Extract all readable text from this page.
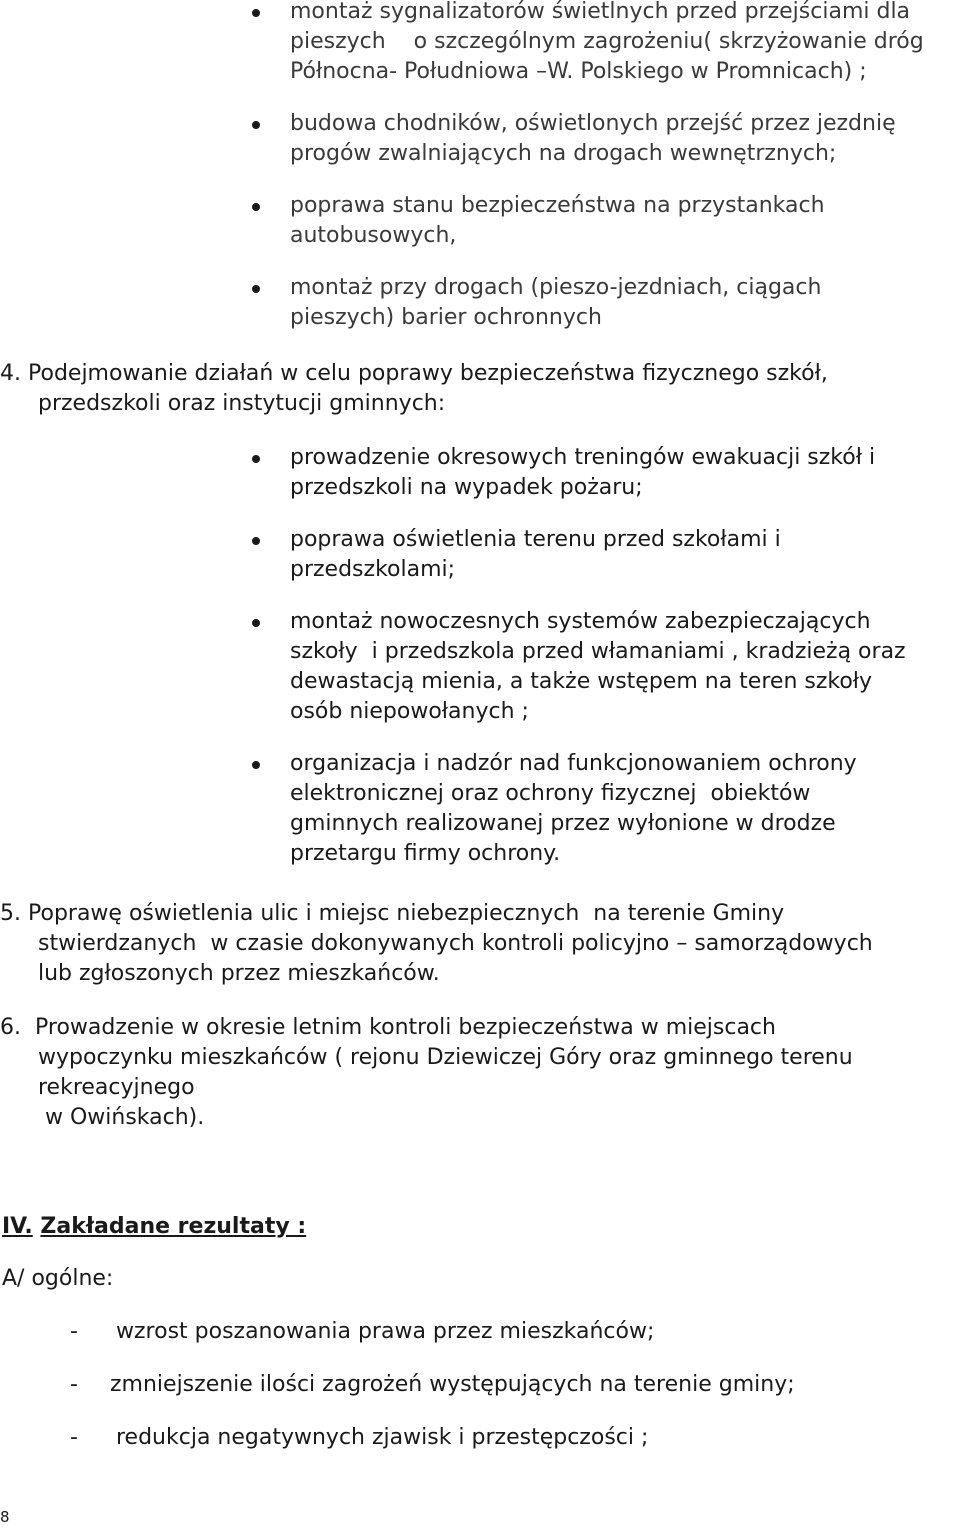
montaż sygnalizatorów świetlnych przed przejściami dla
pieszych    o szczególnym zagrożeniu( skrzyżowanie dróg
Północna- Południowa –W. Polskiego w Promnicach) ;
budowa chodników, oświetlonych przejść przez jezdnię
progów zwalniających na drogach wewnętrznych;
poprawa stanu bezpieczeństwa na przystankach
autobusowych,
montaż przy drogach (pieszo-jezdniach, ciągach
pieszych) barier ochronnych
4. Podejmowanie działań w celu poprawy bezpieczeństwa fizycznego szkół,
przedszkoli oraz instytucji gminnych:
prowadzenie okresowych treningów ewakuacji szkół i
przedszkoli na wypadek pożaru;
poprawa oświetlenia terenu przed szkołami i
przedszkolami;
montaż nowoczesnych systemów zabezpieczających
szkoły  i przedszkola przed włamaniami , kradzieżą oraz
dewastacją mienia, a także wstępem na teren szkoły
osób niepowołanych ;
organizacja i nadzór nad funkcjonowaniem ochrony
elektronicznej oraz ochrony fizycznej  obiektów
gminnych realizowanej przez wyłonione w drodze
przetargu firmy ochrony.
5. Poprawę oświetlenia ulic i miejsc niebezpiecznych  na terenie Gminy
stwierdzanych  w czasie dokonywanych kontroli policyjno – samorządowych
lub zgłoszonych przez mieszkańców.
6. Prowadzenie w okresie letnim kontroli bezpieczeństwa w miejscach
wypoczynku mieszkańców ( rejonu Dziewiczej Góry oraz gminnego terenu
rekreacyjnego
w Owińskach).
IV. Zakładane rezultaty :
A/ ogólne:
- wzrost poszanowania prawa przez mieszkańców;
- zmniejszenie ilości zagrożeń występujących na terenie gminy;
- redukcja negatywnych zjawisk i przestępczości ;
8
